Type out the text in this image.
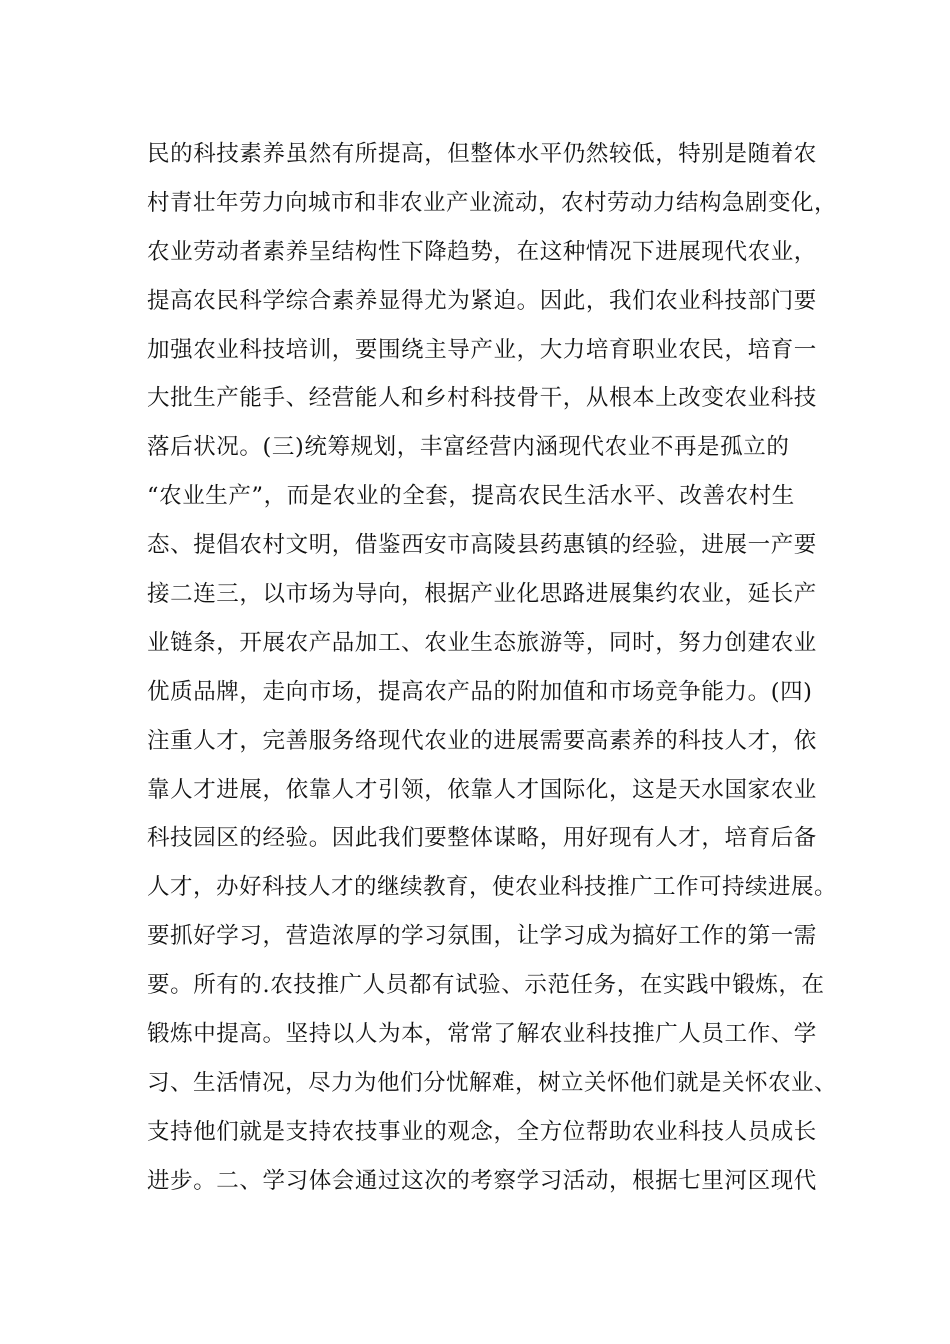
民的科技素养虽然有所提高，但整体水平仍然较低，特别是随着农
村青壮年劳力向城市和非农业产业流动，农村劳动力结构急剧变化，
农业劳动者素养呈结构性下降趋势，在这种情况下进展现代农业，
提高农民科学综合素养显得尤为紧迫。因此，我们农业科技部门要
加强农业科技培训，要围绕主导产业，大力培育职业农民，培育一
大批生产能手、经营能人和乡村科技骨干，从根本上改变农业科技
落后状况。(三)统筹规划，丰富经营内涵现代农业不再是孤立的
“农业生产”，而是农业的全套，提高农民生活水平、改善农村生
态、提倡农村文明，借鉴西安市高陵县药惠镇的经验，进展一产要
接二连三，以市场为导向，根据产业化思路进展集约农业，延长产
业链条，开展农产品加工、农业生态旅游等，同时，努力创建农业
优质品牌，走向市场，提高农产品的附加值和市场竞争能力。(四)
注重人才，完善服务络现代农业的进展需要高素养的科技人才，依
靠人才进展，依靠人才引领，依靠人才国际化，这是天水国家农业
科技园区的经验。因此我们要整体谋略，用好现有人才，培育后备
人才，办好科技人才的继续教育，使农业科技推广工作可持续进展。
要抓好学习，营造浓厚的学习氛围，让学习成为搞好工作的第一需
要。所有的.农技推广人员都有试验、示范任务，在实践中锻炼，在
锻炼中提高。坚持以人为本，常常了解农业科技推广人员工作、学
习、生活情况，尽力为他们分忧解难，树立关怀他们就是关怀农业、
支持他们就是支持农技事业的观念，全方位帮助农业科技人员成长
进步。二、学习体会通过这次的考察学习活动，根据七里河区现代
